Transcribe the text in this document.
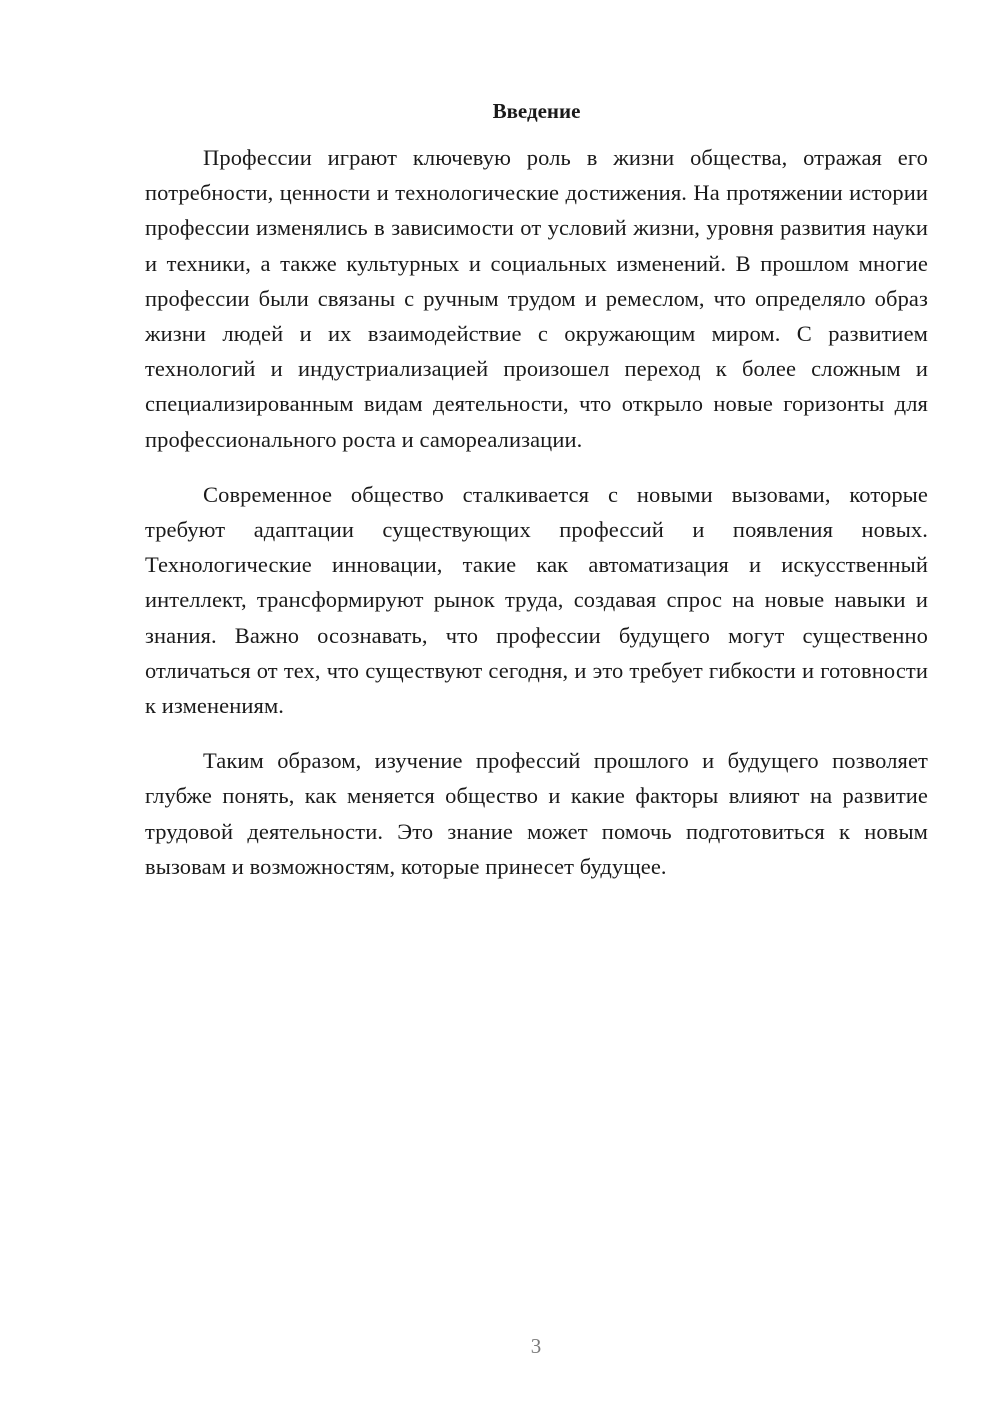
Введение

Профессии играют ключевую роль в жизни общества, отражая его потребности, ценности и технологические достижения. На протяжении истории профессии изменялись в зависимости от условий жизни, уровня развития науки и техники, а также культурных и социальных изменений. В прошлом многие профессии были связаны с ручным трудом и ремеслом, что определяло образ жизни людей и их взаимодействие с окружающим миром. С развитием технологий и индустриализацией произошел переход к более сложным и специализированным видам деятельности, что открыло новые горизонты для профессионального роста и самореализации.

Современное общество сталкивается с новыми вызовами, которые требуют адаптации существующих профессий и появления новых. Технологические инновации, такие как автоматизация и искусственный интеллект, трансформируют рынок труда, создавая спрос на новые навыки и знания. Важно осознавать, что профессии будущего могут существенно отличаться от тех, что существуют сегодня, и это требует гибкости и готовности к изменениям.

Таким образом, изучение профессий прошлого и будущего позволяет глубже понять, как меняется общество и какие факторы влияют на развитие трудовой деятельности. Это знание может помочь подготовиться к новым вызовам и возможностям, которые принесет будущее.

3
